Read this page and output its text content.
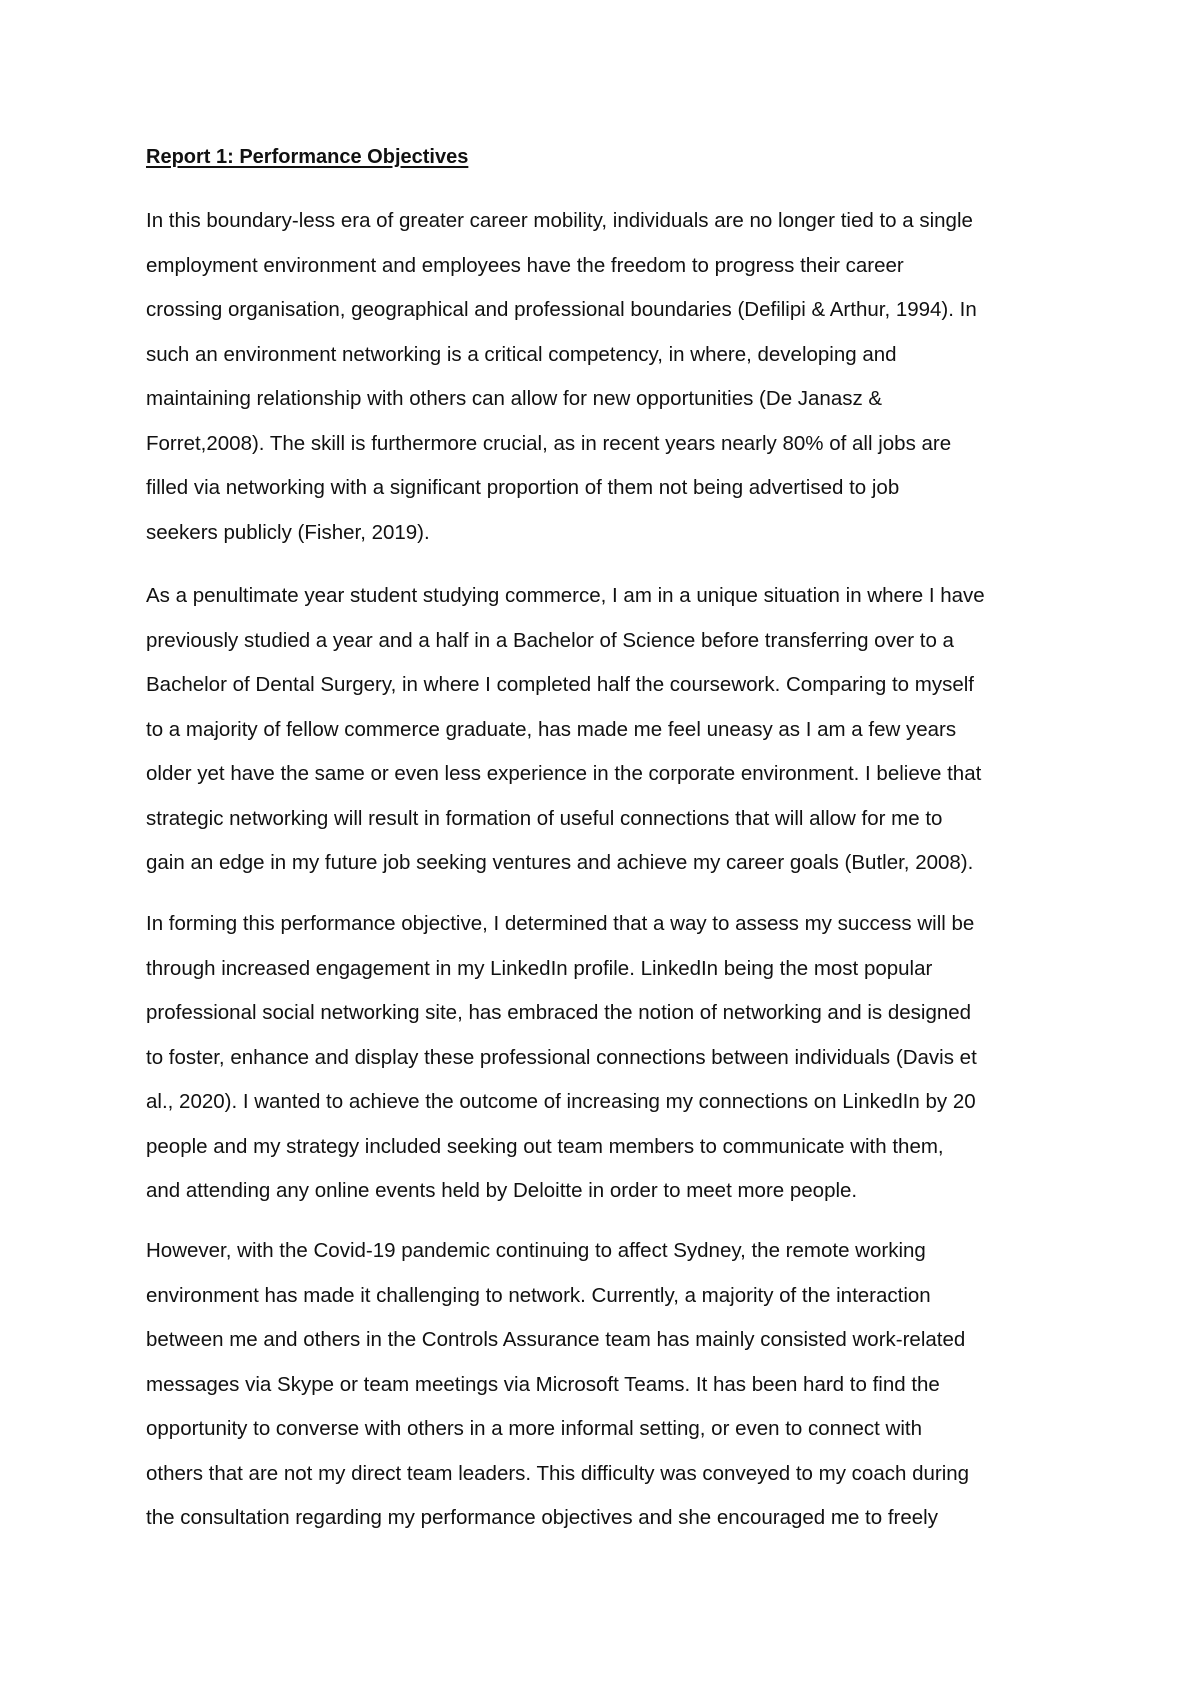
Report 1: Performance Objectives

In this boundary-less era of greater career mobility, individuals are no longer tied to a single
employment environment and employees have the freedom to progress their career
crossing organisation, geographical and professional boundaries (Defilipi & Arthur, 1994). In
such an environment networking is a critical competency, in where, developing and
maintaining relationship with others can allow for new opportunities (De Janasz &
Forret,2008). The skill is furthermore crucial, as in recent years nearly 80% of all jobs are
filled via networking with a significant proportion of them not being advertised to job
seekers publicly (Fisher, 2019).

As a penultimate year student studying commerce, I am in a unique situation in where I have
previously studied a year and a half in a Bachelor of Science before transferring over to a
Bachelor of Dental Surgery, in where I completed half the coursework. Comparing to myself
to a majority of fellow commerce graduate, has made me feel uneasy as I am a few years
older yet have the same or even less experience in the corporate environment. I believe that
strategic networking will result in formation of useful connections that will allow for me to
gain an edge in my future job seeking ventures and achieve my career goals (Butler, 2008).

In forming this performance objective, I determined that a way to assess my success will be
through increased engagement in my LinkedIn profile. LinkedIn being the most popular
professional social networking site, has embraced the notion of networking and is designed
to foster, enhance and display these professional connections between individuals (Davis et
al., 2020). I wanted to achieve the outcome of increasing my connections on LinkedIn by 20
people and my strategy included seeking out team members to communicate with them,
and attending any online events held by Deloitte in order to meet more people.

However, with the Covid-19 pandemic continuing to affect Sydney, the remote working
environment has made it challenging to network. Currently, a majority of the interaction
between me and others in the Controls Assurance team has mainly consisted work-related
messages via Skype or team meetings via Microsoft Teams. It has been hard to find the
opportunity to converse with others in a more informal setting, or even to connect with
others that are not my direct team leaders. This difficulty was conveyed to my coach during
the consultation regarding my performance objectives and she encouraged me to freely
